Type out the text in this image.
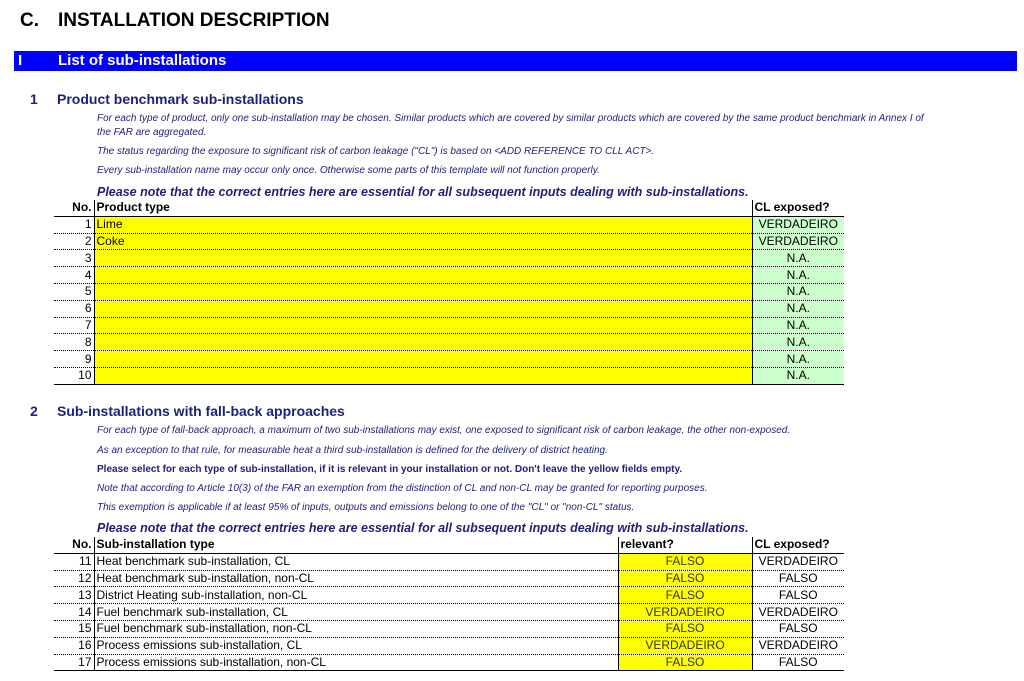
C. INSTALLATION DESCRIPTION
I List of sub-installations
1 Product benchmark sub-installations
For each type of product, only one sub-installation may be chosen. Similar products which are covered by similar products which are covered by the same product benchmark in Annex I of
the FAR are aggregated.
The status regarding the exposure to significant risk of carbon leakage ("CL") is based on <ADD REFERENCE TO CLL ACT>.
Every sub-installation name may occur only once. Otherwise some parts of this template will not function properly.
Please note that the correct entries here are essential for all subsequent inputs dealing with sub-installations.
No.	Product type	CL exposed?
1	Lime	VERDADEIRO
2	Coke	VERDADEIRO
3		N.A.
4		N.A.
5		N.A.
6		N.A.
7		N.A.
8		N.A.
9		N.A.
10		N.A.
2 Sub-installations with fall-back approaches
For each type of fall-back approach, a maximum of two sub-installations may exist, one exposed to significant risk of carbon leakage, the other non-exposed.
As an exception to that rule, for measurable heat a third sub-installation is defined for the delivery of district heating.
Please select for each type of sub-installation, if it is relevant in your installation or not. Don't leave the yellow fields empty.
Note that according to Article 10(3) of the FAR an exemption from the distinction of CL and non-CL may be granted for reporting purposes.
This exemption is applicable if at least 95% of inputs, outputs and emissions belong to one of the "CL" or "non-CL" status.
Please note that the correct entries here are essential for all subsequent inputs dealing with sub-installations.
No.	Sub-installation type	relevant?	CL exposed?
11	Heat benchmark sub-installation, CL	FALSO	VERDADEIRO
12	Heat benchmark sub-installation, non-CL	FALSO	FALSO
13	District Heating sub-installation, non-CL	FALSO	FALSO
14	Fuel benchmark sub-installation, CL	VERDADEIRO	VERDADEIRO
15	Fuel benchmark sub-installation, non-CL	FALSO	FALSO
16	Process emissions sub-installation, CL	VERDADEIRO	VERDADEIRO
17	Process emissions sub-installation, non-CL	FALSO	FALSO
